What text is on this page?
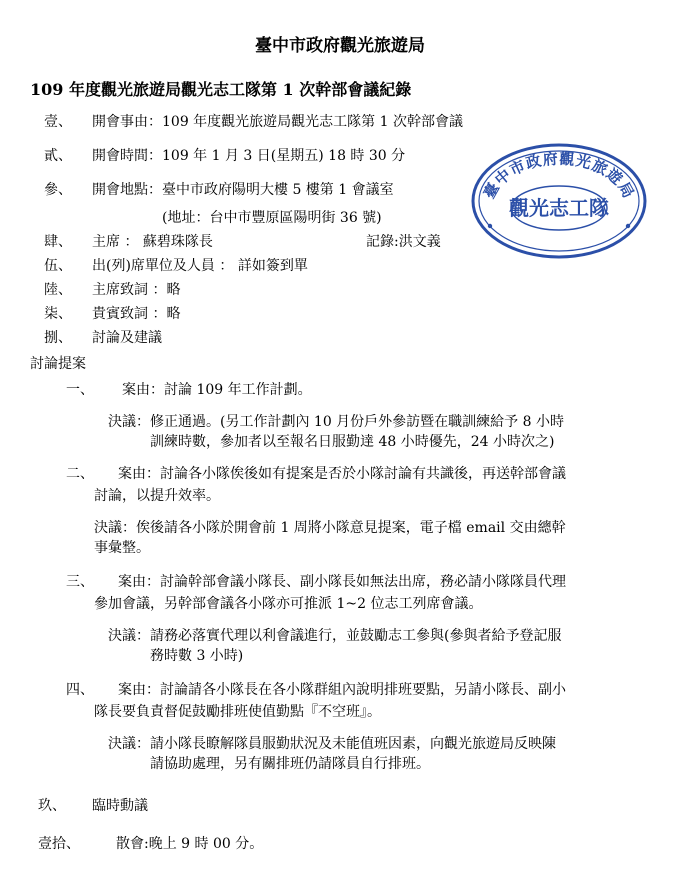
臺中市政府觀光旅遊局
109 年度觀光旅遊局觀光志工隊第 1 次幹部會議紀錄
壹、 開會事由：109 年度觀光旅遊局觀光志工隊第 1 次幹部會議
貳、 開會時間：109 年 1 月 3 日(星期五) 18 時 30 分
參、 開會地點：臺中市政府陽明大樓 5 樓第 1 會議室
(地址：台中市豐原區陽明街 36 號)
肆、 主席 ： 蘇碧珠隊長	記錄:洪文義
伍、 出(列)席單位及人員 ： 詳如簽到單
陸、 主席致詞 ：略
柒、 貴賓致詞 ：略
捌、 討論及建議
討論提案
一、 案由：討論 109 年工作計劃。
決議：修正通過。(另工作計劃內 10 月份戶外參訪暨在職訓練給予 8 小時
訓練時數，參加者以至報名日服勤達 48 小時優先，24 小時次之)
二、 案由：討論各小隊俟後如有提案是否於小隊討論有共識後，再送幹部會議
討論，以提升效率。
決議：俟後請各小隊於開會前 1 周將小隊意見提案，電子檔 email 交由總幹
事彙整。
三、 案由：討論幹部會議小隊長、副小隊長如無法出席，務必請小隊隊員代理
參加會議，另幹部會議各小隊亦可推派 1~2 位志工列席會議。
決議：請務必落實代理以利會議進行，並鼓勵志工參與(參與者給予登記服
務時數 3 小時)
四、 案由：討論請各小隊長在各小隊群組內說明排班要點，另請小隊長、副小
隊長要負責督促鼓勵排班使值勤點『不空班』。
決議：請小隊長瞭解隊員服勤狀況及未能值班因素，向觀光旅遊局反映陳
請協助處理，另有關排班仍請隊員自行排班。
玖、 臨時動議
壹拾、	散會:晚上 9 時 00 分。
臺中市政府觀光旅遊局
觀光志工隊
